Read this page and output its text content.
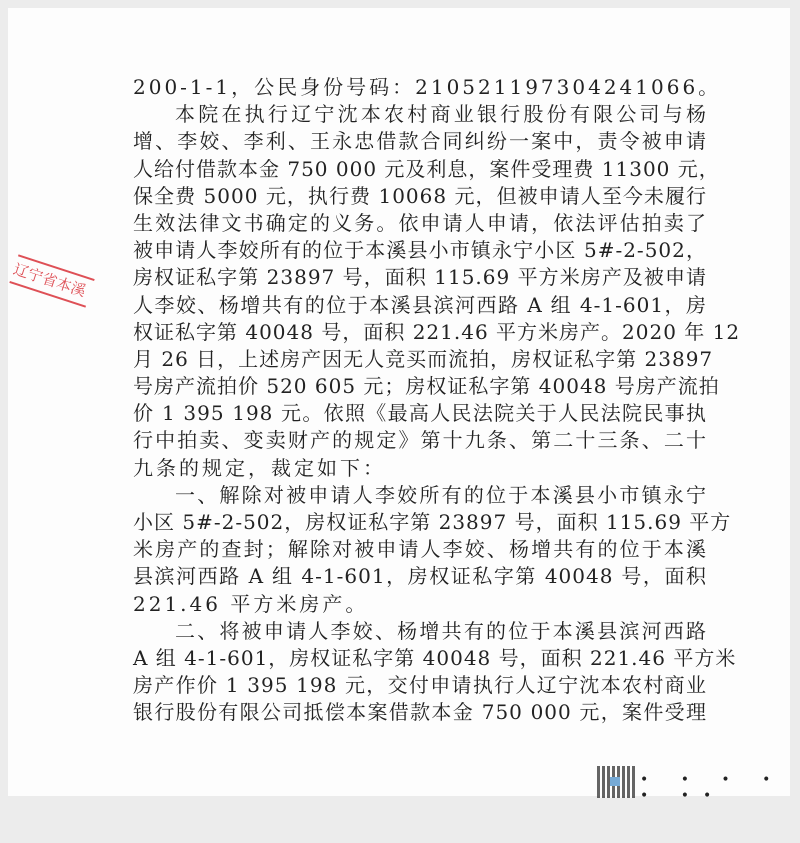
辽宁省本溪
200-1-1，公民身份号码：210521197304241066。
本院在执行辽宁沈本农村商业银行股份有限公司与杨
增、李姣、李利、王永忠借款合同纠纷一案中，责令被申请
人给付借款本金 750 000 元及利息，案件受理费 11300 元，
保全费 5000 元，执行费 10068 元，但被申请人至今未履行
生效法律文书确定的义务。依申请人申请，依法评估拍卖了
被申请人李姣所有的位于本溪县小市镇永宁小区 5#-2-502，
房权证私字第 23897 号，面积 115.69 平方米房产及被申请
人李姣、杨增共有的位于本溪县滨河西路 A 组 4-1-601，房
权证私字第 40048 号，面积 221.46 平方米房产。2020 年 12
月 26 日，上述房产因无人竞买而流拍，房权证私字第 23897
号房产流拍价 520 605 元；房权证私字第 40048 号房产流拍
价 1 395 198 元。依照《最高人民法院关于人民法院民事执
行中拍卖、变卖财产的规定》第十九条、第二十三条、二十
九条的规定，裁定如下：
一、解除对被申请人李姣所有的位于本溪县小市镇永宁
小区 5#-2-502，房权证私字第 23897 号，面积 115.69 平方
米房产的查封；解除对被申请人李姣、杨增共有的位于本溪
县滨河西路 A 组 4-1-601，房权证私字第 40048 号，面积
221.46 平方米房产。
二、将被申请人李姣、杨增共有的位于本溪县滨河西路
A 组 4-1-601，房权证私字第 40048 号，面积 221.46 平方米
房产作价 1 395 198 元，交付申请执行人辽宁沈本农村商业
银行股份有限公司抵偿本案借款本金 750 000 元，案件受理
• • • • • ••
